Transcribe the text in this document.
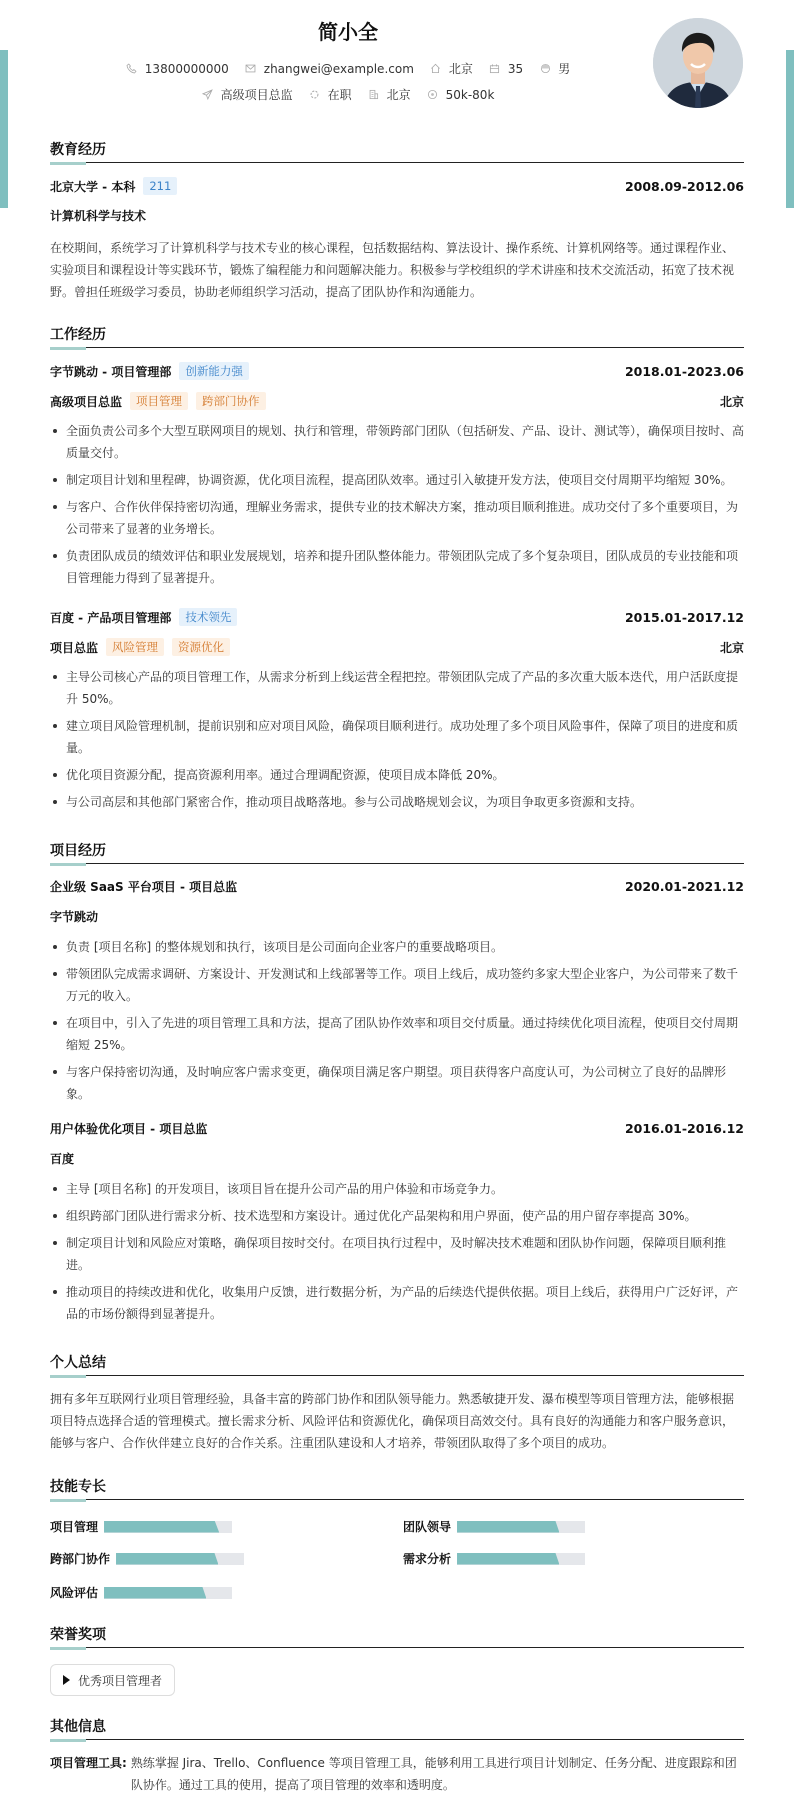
简小全
13800000000	zhangwei@example.com	北京	35	男
高级项目总监	在职	北京	50k-80k
教育经历
北京大学 - 本科	211	2008.09-2012.06
计算机科学与技术
在校期间，系统学习了计算机科学与技术专业的核心课程，包括数据结构、算法设计、操作系统、计算机网络等。通过课程作业、实验项目和课程设计等实践环节，锻炼了编程能力和问题解决能力。积极参与学校组织的学术讲座和技术交流活动，拓宽了技术视野。曾担任班级学习委员，协助老师组织学习活动，提高了团队协作和沟通能力。
工作经历
字节跳动 - 项目管理部	创新能力强	2018.01-2023.06
高级项目总监	项目管理	跨部门协作	北京
全面负责公司多个大型互联网项目的规划、执行和管理，带领跨部门团队（包括研发、产品、设计、测试等），确保项目按时、高质量交付。
制定项目计划和里程碑，协调资源，优化项目流程，提高团队效率。通过引入敏捷开发方法，使项目交付周期平均缩短 30%。
与客户、合作伙伴保持密切沟通，理解业务需求，提供专业的技术解决方案，推动项目顺利推进。成功交付了多个重要项目，为公司带来了显著的业务增长。
负责团队成员的绩效评估和职业发展规划，培养和提升团队整体能力。带领团队完成了多个复杂项目，团队成员的专业技能和项目管理能力得到了显著提升。
百度 - 产品项目管理部	技术领先	2015.01-2017.12
项目总监	风险管理	资源优化	北京
主导公司核心产品的项目管理工作，从需求分析到上线运营全程把控。带领团队完成了产品的多次重大版本迭代，用户活跃度提升 50%。
建立项目风险管理机制，提前识别和应对项目风险，确保项目顺利进行。成功处理了多个项目风险事件，保障了项目的进度和质量。
优化项目资源分配，提高资源利用率。通过合理调配资源，使项目成本降低 20%。
与公司高层和其他部门紧密合作，推动项目战略落地。参与公司战略规划会议，为项目争取更多资源和支持。
项目经历
企业级 SaaS 平台项目 - 项目总监	2020.01-2021.12
字节跳动
负责 [项目名称] 的整体规划和执行，该项目是公司面向企业客户的重要战略项目。
带领团队完成需求调研、方案设计、开发测试和上线部署等工作。项目上线后，成功签约多家大型企业客户，为公司带来了数千万元的收入。
在项目中，引入了先进的项目管理工具和方法，提高了团队协作效率和项目交付质量。通过持续优化项目流程，使项目交付周期缩短 25%。
与客户保持密切沟通，及时响应客户需求变更，确保项目满足客户期望。项目获得客户高度认可，为公司树立了良好的品牌形象。
用户体验优化项目 - 项目总监	2016.01-2016.12
百度
主导 [项目名称] 的开发项目，该项目旨在提升公司产品的用户体验和市场竞争力。
组织跨部门团队进行需求分析、技术选型和方案设计。通过优化产品架构和用户界面，使产品的用户留存率提高 30%。
制定项目计划和风险应对策略，确保项目按时交付。在项目执行过程中，及时解决技术难题和团队协作问题，保障项目顺利推进。
推动项目的持续改进和优化，收集用户反馈，进行数据分析，为产品的后续迭代提供依据。项目上线后，获得用户广泛好评，产品的市场份额得到显著提升。
个人总结
拥有多年互联网行业项目管理经验，具备丰富的跨部门协作和团队领导能力。熟悉敏捷开发、瀑布模型等项目管理方法，能够根据项目特点选择合适的管理模式。擅长需求分析、风险评估和资源优化，确保项目高效交付。具有良好的沟通能力和客户服务意识，能够与客户、合作伙伴建立良好的合作关系。注重团队建设和人才培养，带领团队取得了多个项目的成功。
技能专长
项目管理	团队领导
跨部门协作	需求分析
风险评估
荣誉奖项
优秀项目管理者
其他信息
项目管理工具: 熟练掌握 Jira、Trello、Confluence 等项目管理工具，能够利用工具进行项目计划制定、任务分配、进度跟踪和团队协作。通过工具的使用，提高了项目管理的效率和透明度。
